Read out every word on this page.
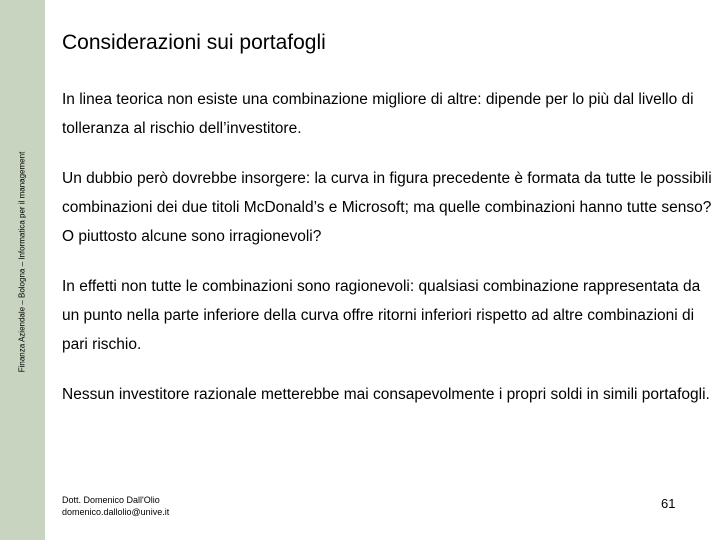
Finanza Aziendale – Bologna – Informatica per il management
Considerazioni sui portafogli

In linea teorica non esiste una combinazione migliore di altre: dipende per lo più dal livello di tolleranza al rischio dell’investitore.

Un dubbio però dovrebbe insorgere: la curva in figura precedente è formata da tutte le possibili combinazioni dei due titoli McDonald’s e Microsoft; ma quelle combinazioni hanno tutte senso? O piuttosto alcune sono irragionevoli?

In effetti non tutte le combinazioni sono ragionevoli: qualsiasi combinazione rappresentata da un punto nella parte inferiore della curva offre ritorni inferiori rispetto ad altre combinazioni di pari rischio.

Nessun investitore razionale metterebbe mai consapevolmente i propri soldi in simili portafogli.

Dott. Domenico Dall'Olio
domenico.dallolio@unive.it
61
